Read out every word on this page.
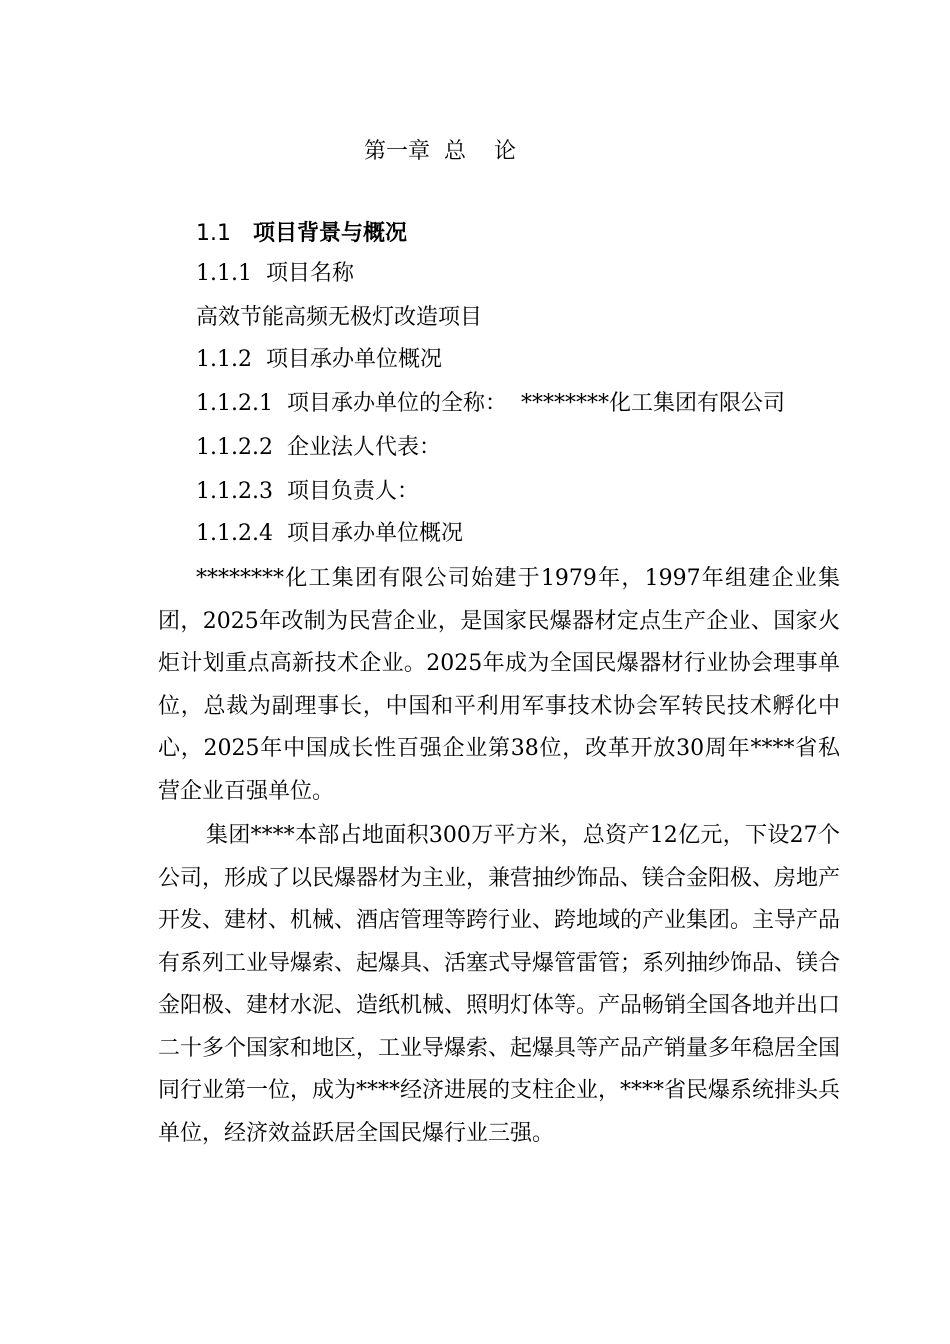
第一章  总    论
1.1 项目背景与概况
1.1.1  项目名称
高效节能高频无极灯改造项目
1.1.2  项目承办单位概况
1.1.2.1  项目承办单位的全称：  ********化工集团有限公司
1.1.2.2  企业法人代表：
1.1.2.3  项目负责人：
1.1.2.4  项目承办单位概况
********化工集团有限公司始建于1979年，1997年组建企业集团，2025年改制为民营企业，是国家民爆器材定点生产企业、国家火炬计划重点高新技术企业。2025年成为全国民爆器材行业协会理事单位，总裁为副理事长，中国和平利用军事技术协会军转民技术孵化中心，2025年中国成长性百强企业第38位，改革开放30周年****省私营企业百强单位。
集团****本部占地面积300万平方米，总资产12亿元，下设27个公司，形成了以民爆器材为主业，兼营抽纱饰品、镁合金阳极、房地产开发、建材、机械、酒店管理等跨行业、跨地域的产业集团。主导产品有系列工业导爆索、起爆具、活塞式导爆管雷管；系列抽纱饰品、镁合金阳极、建材水泥、造纸机械、照明灯体等。产品畅销全国各地并出口二十多个国家和地区，工业导爆索、起爆具等产品产销量多年稳居全国同行业第一位，成为****经济进展的支柱企业，****省民爆系统排头兵单位，经济效益跃居全国民爆行业三强。
